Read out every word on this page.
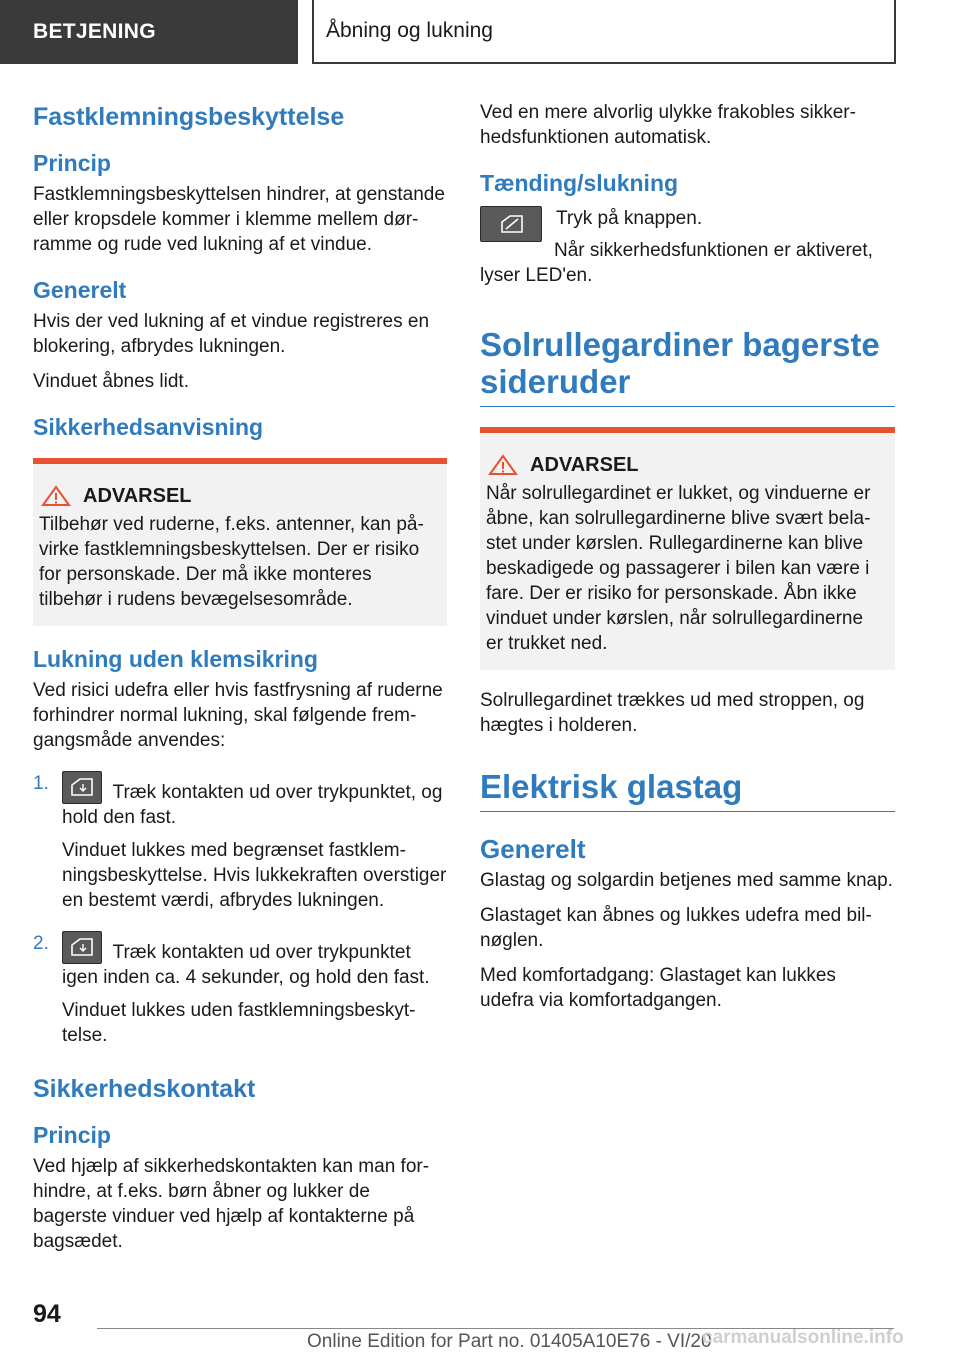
BETJENING	Åbning og lukning
Fastklemningsbeskyttelse
Princip

Fastklemningsbeskyttelsen hindrer, at genstande eller kropsdele kommer i klemme mellem dørramme og rude ved lukning af et vindue.

Generelt

Hvis der ved lukning af et vindue registreres en blokering, afbrydes lukningen.

Vinduet åbnes lidt.

Sikkerhedsanvisning
ADVARSEL

Tilbehør ved ruderne, f.eks. antenner, kan påvirke fastklemningsbeskyttelsen. Der er risiko for personskade. Der må ikke monteres tilbehør i rudens bevægelsesområde.

Lukning uden klemsikring

Ved risici udefra eller hvis fastfrysning af ruderne forhindrer normal lukning, skal følgende fremgangsmåde anvendes:

1.	Træk kontakten ud over trykpunktet, og hold den fast.

Vinduet lukkes med begrænset fastklemningsbeskyttelse. Hvis lukkekraften overstiger en bestemt værdi, afbrydes lukningen.

2.	Træk kontakten ud over trykpunktet igen inden ca. 4 sekunder, og hold den fast.

Vinduet lukkes uden fastklemningsbeskyttelse.

Sikkerhedskontakt
Princip

Ved hjælp af sikkerhedskontakten kan man forhindre, at f.eks. børn åbner og lukker de bagerste vinduer ved hjælp af kontakterne på bagsædet.

Ved en mere alvorlig ulykke frakobles sikkerhedsfunktionen automatisk.

Tænding/slukning

Tryk på knappen.

Når sikkerhedsfunktionen er aktiveret, lyser LED'en.

Solrullegardiner bagerste sideruder
ADVARSEL

Når solrullegardinet er lukket, og vinduerne er åbne, kan solrullegardinerne blive svært belastet under kørslen. Rullegardinerne kan blive beskadigede og passagerer i bilen kan være i fare. Der er risiko for personskade. Åbn ikke vinduet under kørslen, når solrullegardinerne er trukket ned.

Solrullegardinet trækkes ud med stroppen, og hægtes i holderen.

Elektrisk glastag
Generelt

Glastag og solgardin betjenes med samme knap.

Glastaget kan åbnes og lukkes udefra med bilnøglen.

Med komfortadgang: Glastaget kan lukkes udefra via komfortadgangen.

94
Online Edition for Part no. 01405A10E76 - VI/20
carmanualsonline.info
